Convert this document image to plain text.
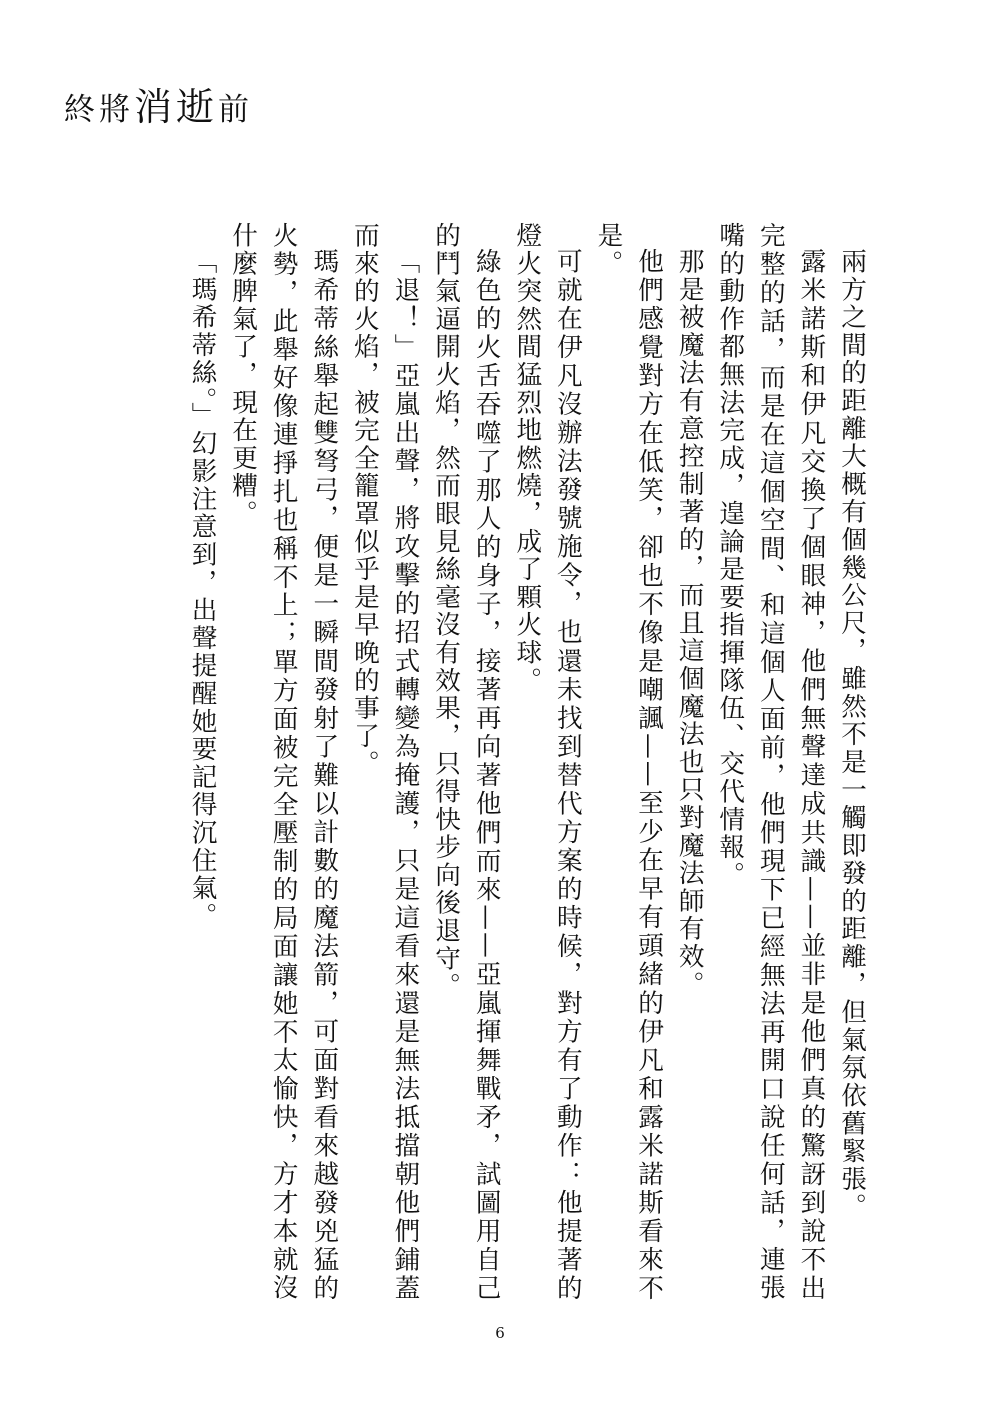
終將消逝前

兩方之間的距離大概有個幾公尺，雖然不是一觸即發的距離，但氣氛依舊緊張。

露米諾斯和伊凡交換了個眼神，他們無聲達成共識——並非是他們真的驚訝到說不出完整的話，而是在這個空間、和這個人面前，他們現下已經無法再開口說任何話，連張嘴的動作都無法完成，遑論是要指揮隊伍、交代情報。

那是被魔法有意控制著的，而且這個魔法也只對魔法師有效。

他們感覺對方在低笑，卻也不像是嘲諷——至少在早有頭緒的伊凡和露米諾斯看來不是。

可就在伊凡沒辦法發號施令，也還未找到替代方案的時候，對方有了動作：他提著的燈火突然間猛烈地燃燒，成了顆火球。

綠色的火舌吞噬了那人的身子，接著再向著他們而來——亞嵐揮舞戰矛，試圖用自己的鬥氣逼開火焰，然而眼見絲毫沒有效果，只得快步向後退守。

「退！」亞嵐出聲，將攻擊的招式轉變為掩護，只是這看來還是無法抵擋朝他們鋪蓋而來的火焰，被完全籠罩似乎是早晚的事了。

瑪希蒂絲舉起雙弩弓，便是一瞬間發射了難以計數的魔法箭，可面對看來越發兇猛的火勢，此舉好像連掙扎也稱不上；單方面被完全壓制的局面讓她不太愉快，方才本就沒什麼脾氣了，現在更糟。

「瑪希蒂絲。」幻影注意到，出聲提醒她要記得沉住氣。

6
